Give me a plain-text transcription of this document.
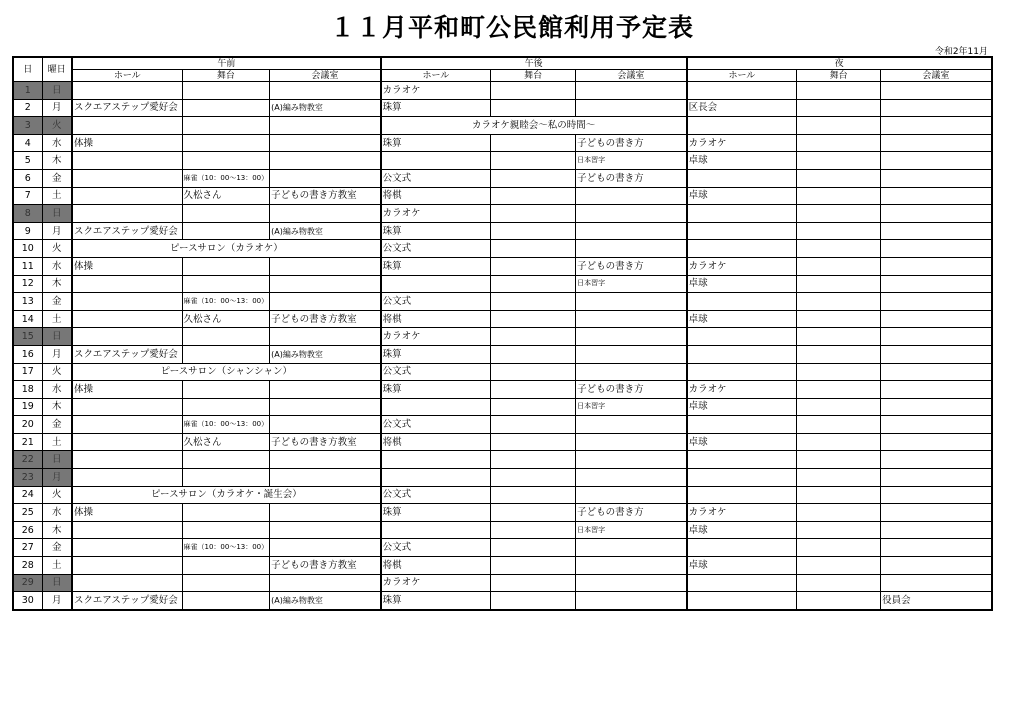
１１月平和町公民館利用予定表
令和2年11月
日	曜日	午前			午後			夜		
		ホール	舞台	会議室	ホール	舞台	会議室	ホール	舞台	会議室
1	日				カラオケ					
2	月	スクエアステップ愛好会		(A)編み物教室	珠算			区長会		
3	火				カラオケ親睦会～私の時間～					
4	水	体操			珠算		子どもの書き方	カラオケ		
5	木						日本習字	卓球		
6	金		麻雀（10：00～13：00）		公文式		子どもの書き方			
7	土		久松さん	子どもの書き方教室	将棋			卓球		
8	日				カラオケ					
9	月	スクエアステップ愛好会		(A)編み物教室	珠算					
10	火	ピースサロン（カラオケ）			公文式					
11	水	体操			珠算		子どもの書き方	カラオケ		
12	木						日本習字	卓球		
13	金		麻雀（10：00～13：00）		公文式					
14	土		久松さん	子どもの書き方教室	将棋			卓球		
15	日				カラオケ					
16	月	スクエアステップ愛好会		(A)編み物教室	珠算					
17	火	ピースサロン（シャンシャン）			公文式					
18	水	体操			珠算		子どもの書き方	カラオケ		
19	木						日本習字	卓球		
20	金		麻雀（10：00～13：00）		公文式					
21	土		久松さん	子どもの書き方教室	将棋			卓球		
22	日									
23	月									
24	火	ピースサロン（カラオケ・誕生会）			公文式					
25	水	体操			珠算		子どもの書き方	カラオケ		
26	木						日本習字	卓球		
27	金		麻雀（10：00～13：00）		公文式					
28	土			子どもの書き方教室	将棋			卓球		
29	日				カラオケ					
30	月	スクエアステップ愛好会		(A)編み物教室	珠算					役員会
